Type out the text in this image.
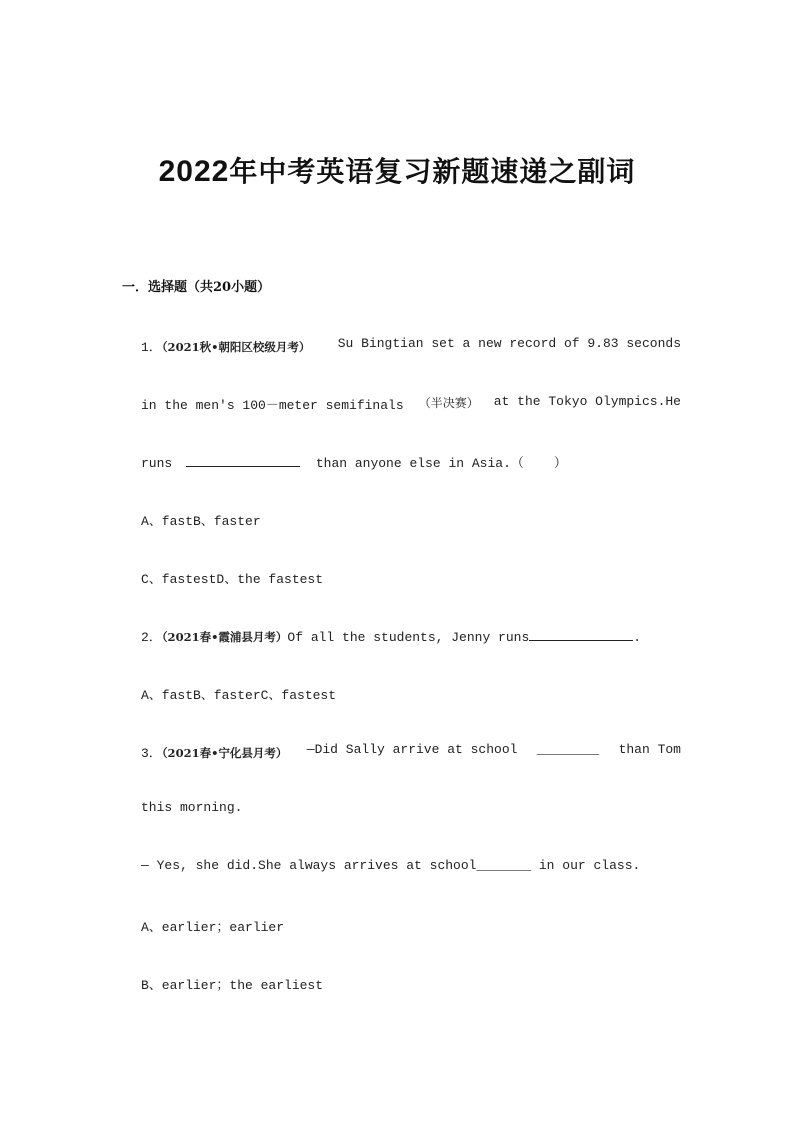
2022年中考英语复习新题速递之副词
一．选择题（共20小题）
1．（2021秋•朝阳区校级月考） Su Bingtian set a new record of 9.83 seconds
in the men's 100－meter semifinals （半决赛） at the Tokyo Olympics.He
runs	than anyone else in Asia.（ ）
A、fastB、faster
C、fastestD、the fastest
2．（2021春•霞浦县月考）Of all the students, Jenny runs	.
A、fastB、fasterC、fastest
3．（2021春•宁化县月考） —Did Sally arrive at school ________ than Tom
this morning.
— Yes, she did.She always arrives at school_______ in our class.
A、earlier；earlier
B、earlier；the earliest
